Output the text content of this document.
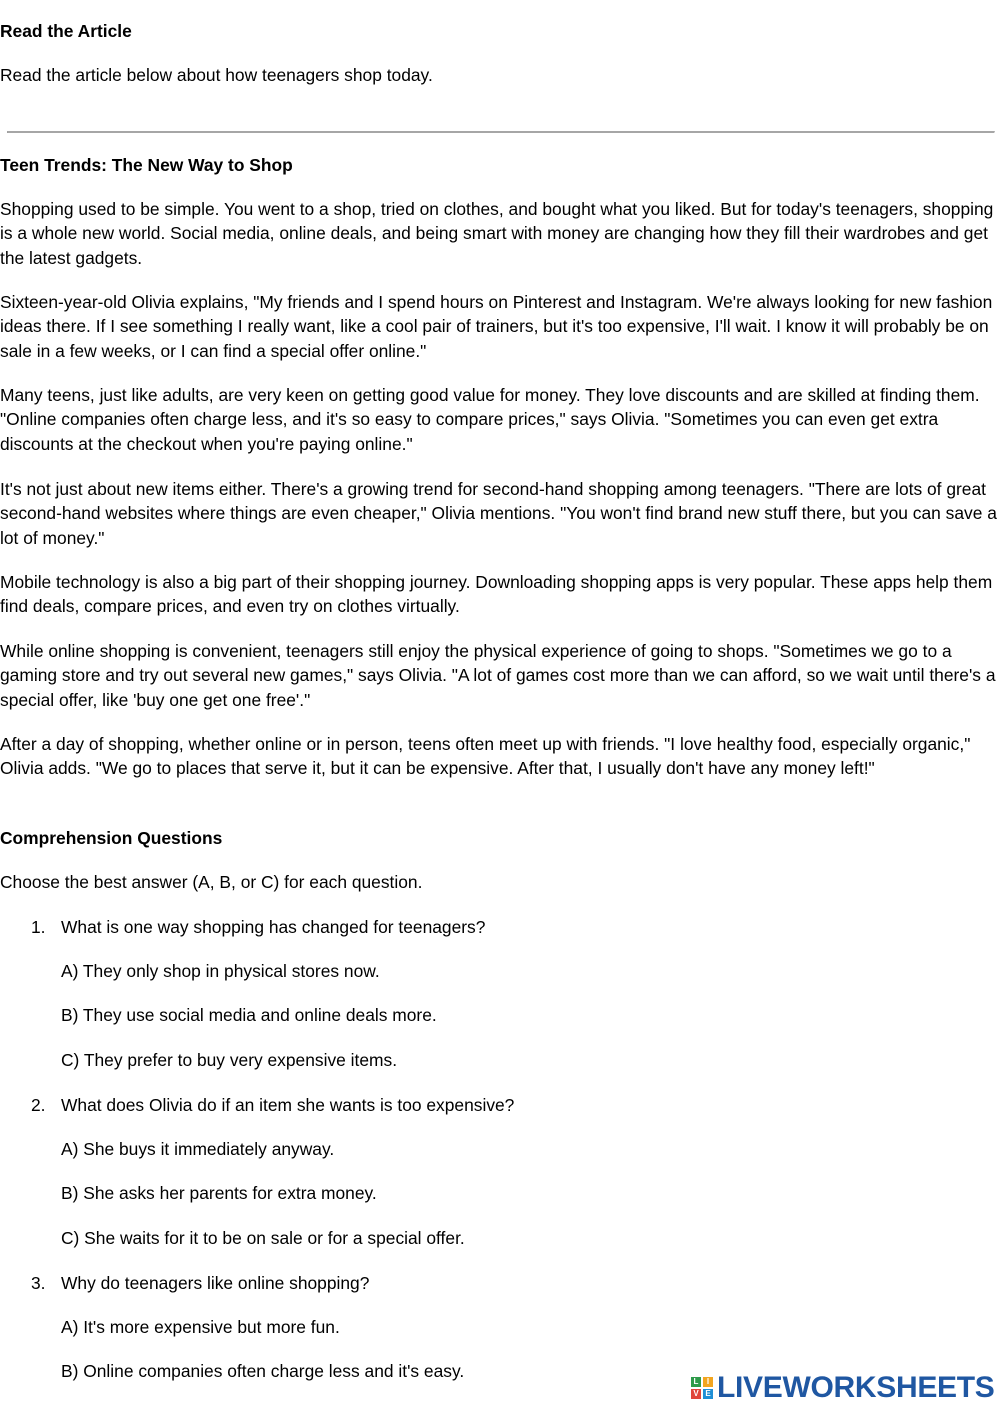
Read the Article

Read the article below about how teenagers shop today.

Teen Trends: The New Way to Shop

Shopping used to be simple. You went to a shop, tried on clothes, and bought what you liked. But for today's teenagers, shopping is a whole new world. Social media, online deals, and being smart with money are changing how they fill their wardrobes and get the latest gadgets.

Sixteen-year-old Olivia explains, "My friends and I spend hours on Pinterest and Instagram. We're always looking for new fashion ideas there. If I see something I really want, like a cool pair of trainers, but it's too expensive, I'll wait. I know it will probably be on sale in a few weeks, or I can find a special offer online."

Many teens, just like adults, are very keen on getting good value for money. They love discounts and are skilled at finding them. "Online companies often charge less, and it's so easy to compare prices," says Olivia. "Sometimes you can even get extra discounts at the checkout when you're paying online."

It's not just about new items either. There's a growing trend for second-hand shopping among teenagers. "There are lots of great second-hand websites where things are even cheaper," Olivia mentions. "You won't find brand new stuff there, but you can save a lot of money."

Mobile technology is also a big part of their shopping journey. Downloading shopping apps is very popular. These apps help them find deals, compare prices, and even try on clothes virtually.

While online shopping is convenient, teenagers still enjoy the physical experience of going to shops. "Sometimes we go to a gaming store and try out several new games," says Olivia. "A lot of games cost more than we can afford, so we wait until there's a special offer, like 'buy one get one free'."

After a day of shopping, whether online or in person, teens often meet up with friends. "I love healthy food, especially organic," Olivia adds. "We go to places that serve it, but it can be expensive. After that, I usually don't have any money left!"

Comprehension Questions

Choose the best answer (A, B, or C) for each question.

1. What is one way shopping has changed for teenagers?
A) They only shop in physical stores now.
B) They use social media and online deals more.
C) They prefer to buy very expensive items.
2. What does Olivia do if an item she wants is too expensive?
A) She buys it immediately anyway.
B) She asks her parents for extra money.
C) She waits for it to be on sale or for a special offer.
3. Why do teenagers like online shopping?
A) It's more expensive but more fun.
B) Online companies often charge less and it's easy.
L	I
V E LIVEWORKSHEETS
